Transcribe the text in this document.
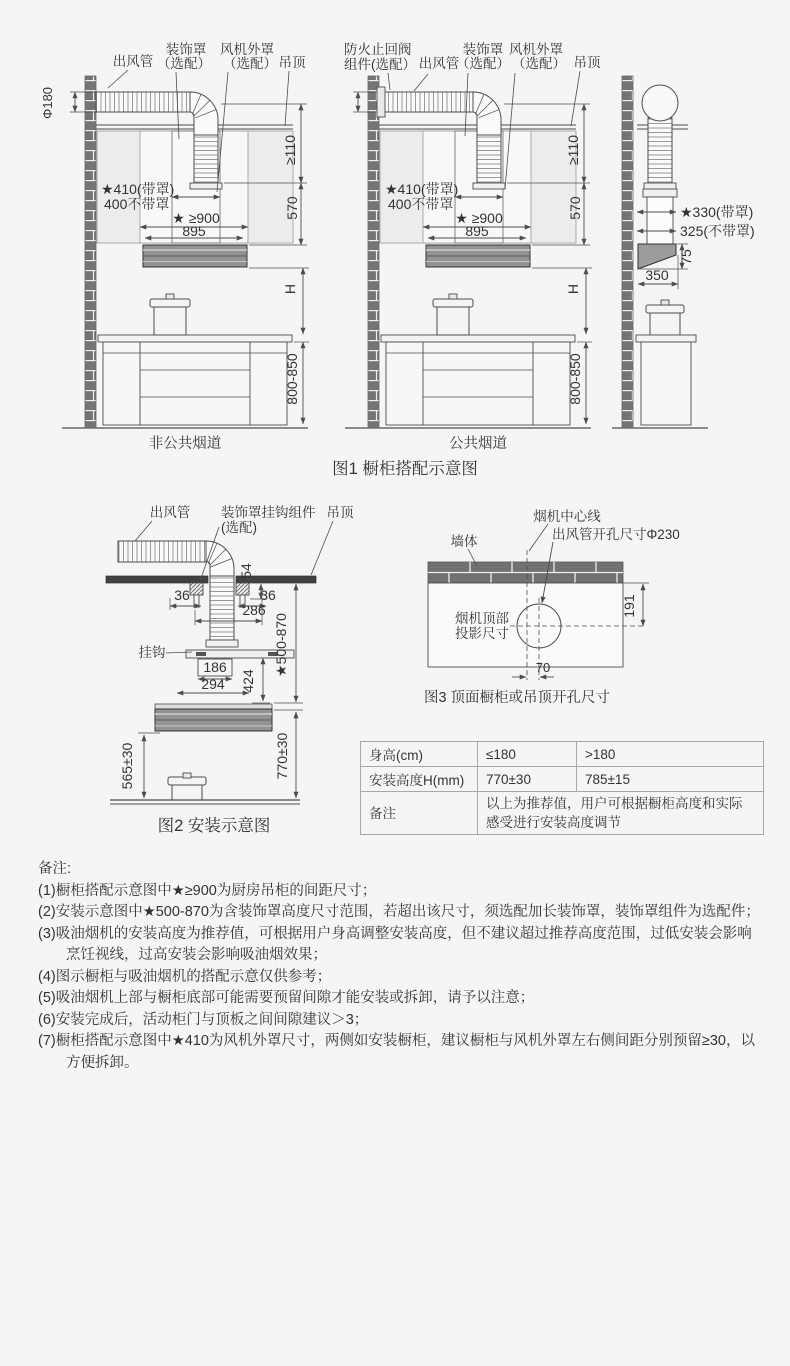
出风管
装饰罩
（选配）
风机外罩
（选配） 吊顶
Φ180
≥110
★410(带罩)
400不带罩
★ ≥900
895
570
H
800-850
非公共烟道
防火止回阀
组件(选配） 出风管
装饰罩
（选配）
风机外罩
（选配） 吊顶
≥110
★410(带罩)
400不带罩
★ ≥900
895
570
H
800-850
公共烟道
★330(带罩)
325(不带罩)
75
350
图1 橱柜搭配示意图
出风管 装饰罩挂钩组件
(选配)
吊顶
挂钩
54
36	36
286
186
294 424
★500-870
770±30
565±30
图2 安装示意图
墙体
烟机中心线
出风管开孔尺寸Φ230
烟机顶部
投影尺寸
191
70
图3 顶面橱柜或吊顶开孔尺寸
身高(cm)	≤180	>180
安装高度H(mm)	770±30	785±15
备注	以上为推荐值，用户可根据橱柜高度和实际感受进行安装高度调节	
备注:
(1)橱柜搭配示意图中★≥900为厨房吊柜的间距尺寸；
(2)安装示意图中★500-870为含装饰罩高度尺寸范围，若超出该尺寸，须选配加长装饰罩，装饰罩组件为选配件；
(3)吸油烟机的安装高度为推荐值，可根据用户身高调整安装高度，但不建议超过推荐高度范围，过低安装会影响烹饪视线，过高安装会影响吸油烟效果；
(4)图示橱柜与吸油烟机的搭配示意仅供参考；
(5)吸油烟机上部与橱柜底部可能需要预留间隙才能安装或拆卸，请予以注意；
(6)安装完成后，活动柜门与顶板之间间隙建议＞3；
(7)橱柜搭配示意图中★410为风机外罩尺寸，两侧如安装橱柜，建议橱柜与风机外罩左右侧间距分别预留≥30，以方便拆卸。
